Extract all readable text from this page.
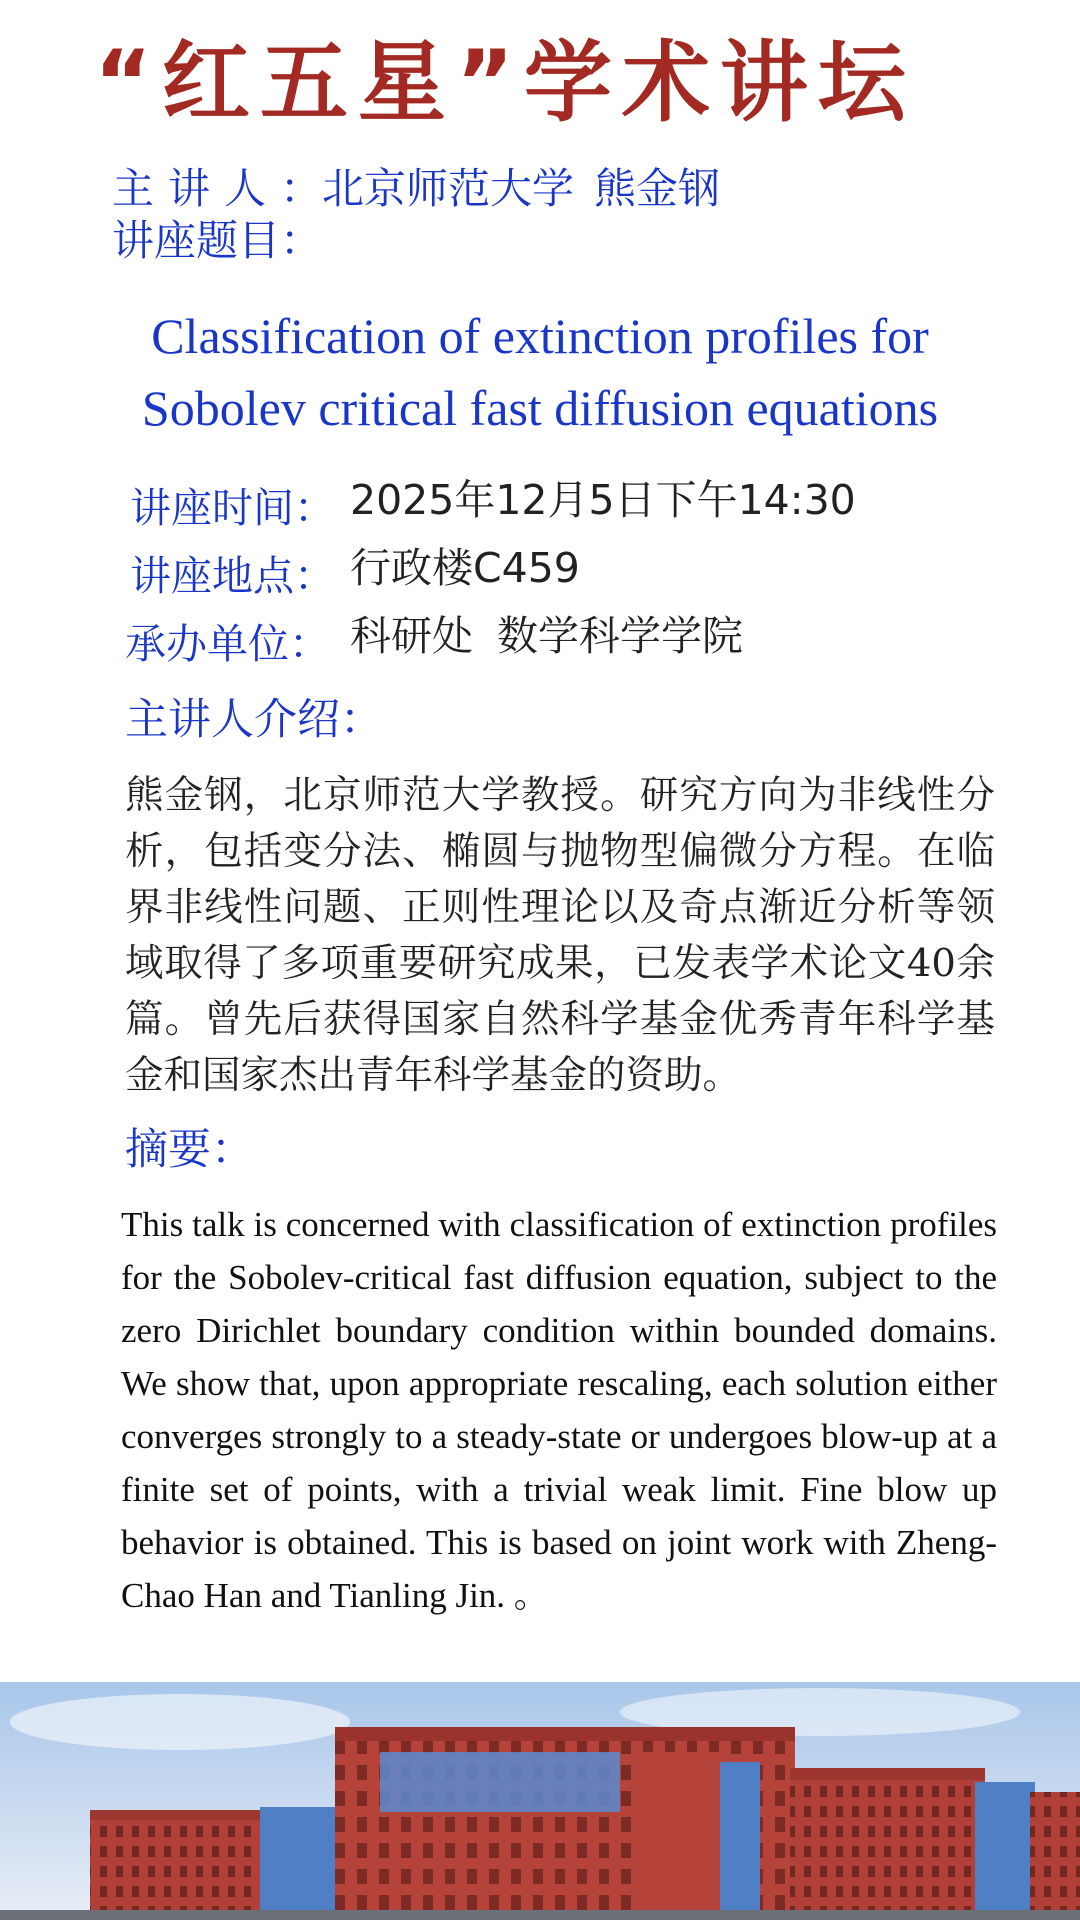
“红五星”学术讲坛
主讲人：北京师范大学 熊金钢
讲座题目：
Classification of extinction profiles for Sobolev critical fast diffusion equations
讲座时间： 2025年12月5日下午14:30
讲座地点： 行政楼C459
承办单位： 科研处 数学科学学院
主讲人介绍：
熊金钢，北京师范大学教授。研究方向为非线性分析，包括变分法、椭圆与抛物型偏微分方程。在临界非线性问题、正则性理论以及奇点渐近分析等领域取得了多项重要研究成果，已发表学术论文40余篇。曾先后获得国家自然科学基金优秀青年科学基金和国家杰出青年科学基金的资助。
摘要：
This talk is concerned with classification of extinction profiles for the Sobolev-critical fast diffusion equation, subject to the zero Dirichlet boundary condition within bounded domains. We show that, upon appropriate rescaling, each solution either converges strongly to a steady-state or undergoes blow-up at a finite set of points, with a trivial weak limit. Fine blow up behavior is obtained. This is based on joint work with Zheng-Chao Han and Tianling Jin. 。
